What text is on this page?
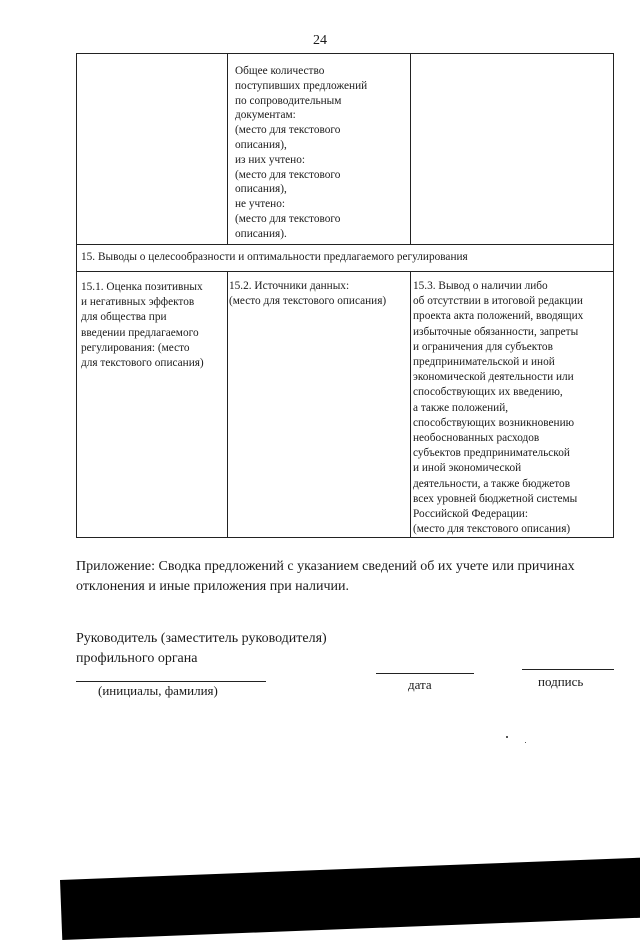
24
Общее количество
поступивших предложений
по сопроводительным
документам:
(место для текстового
описания),
из них учтено:
(место для текстового
описания),
не учтено:
(место для текстового
описания).
15. Выводы о целесообразности и оптимальности предлагаемого регулирования
15.1. Оценка позитивных
и негативных эффектов
для общества при
введении предлагаемого
регулирования: (место
для текстового описания)
15.2. Источники данных:
(место для текстового описания)
15.3. Вывод о наличии либо
об отсутствии в итоговой редакции
проекта акта положений, вводящих
избыточные обязанности, запреты
и ограничения для субъектов
предпринимательской и иной
экономической деятельности или
способствующих их введению,
а также положений,
способствующих возникновению
необоснованных расходов
субъектов предпринимательской
и иной экономической
деятельности, а также бюджетов
всех уровней бюджетной системы
Российской Федерации:
(место для текстового описания)
Приложение: Сводка предложений с указанием сведений об их учете или причинах
отклонения и иные приложения при наличии.
Руководитель (заместитель руководителя)
профильного органа
(инициалы, фамилия)	дата	подпись
